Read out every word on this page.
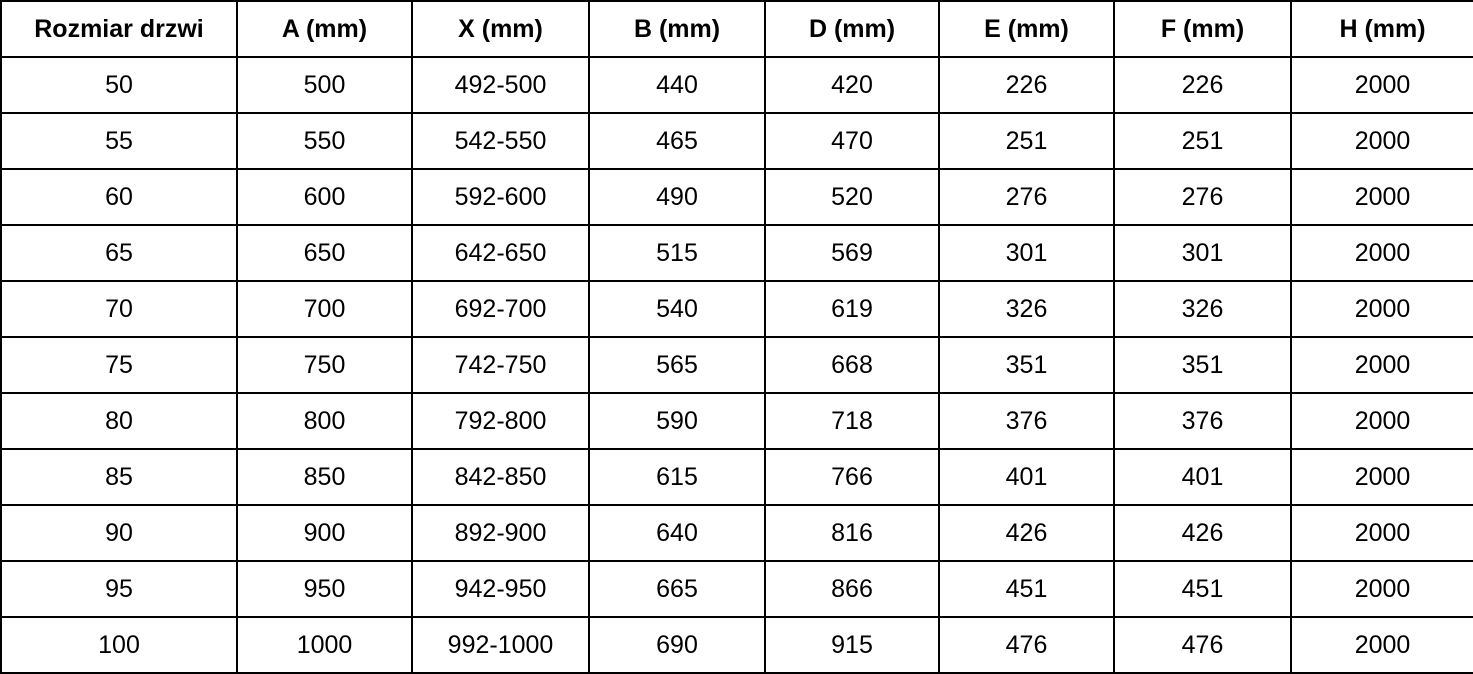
Rozmiar drzwi	A (mm)	X (mm)	B (mm)	D (mm)	E (mm)	F (mm)	H (mm)
50	500	492-500	440	420	226	226	2000
55	550	542-550	465	470	251	251	2000
60	600	592-600	490	520	276	276	2000
65	650	642-650	515	569	301	301	2000
70	700	692-700	540	619	326	326	2000
75	750	742-750	565	668	351	351	2000
80	800	792-800	590	718	376	376	2000
85	850	842-850	615	766	401	401	2000
90	900	892-900	640	816	426	426	2000
95	950	942-950	665	866	451	451	2000
100	1000	992-1000	690	915	476	476	2000
